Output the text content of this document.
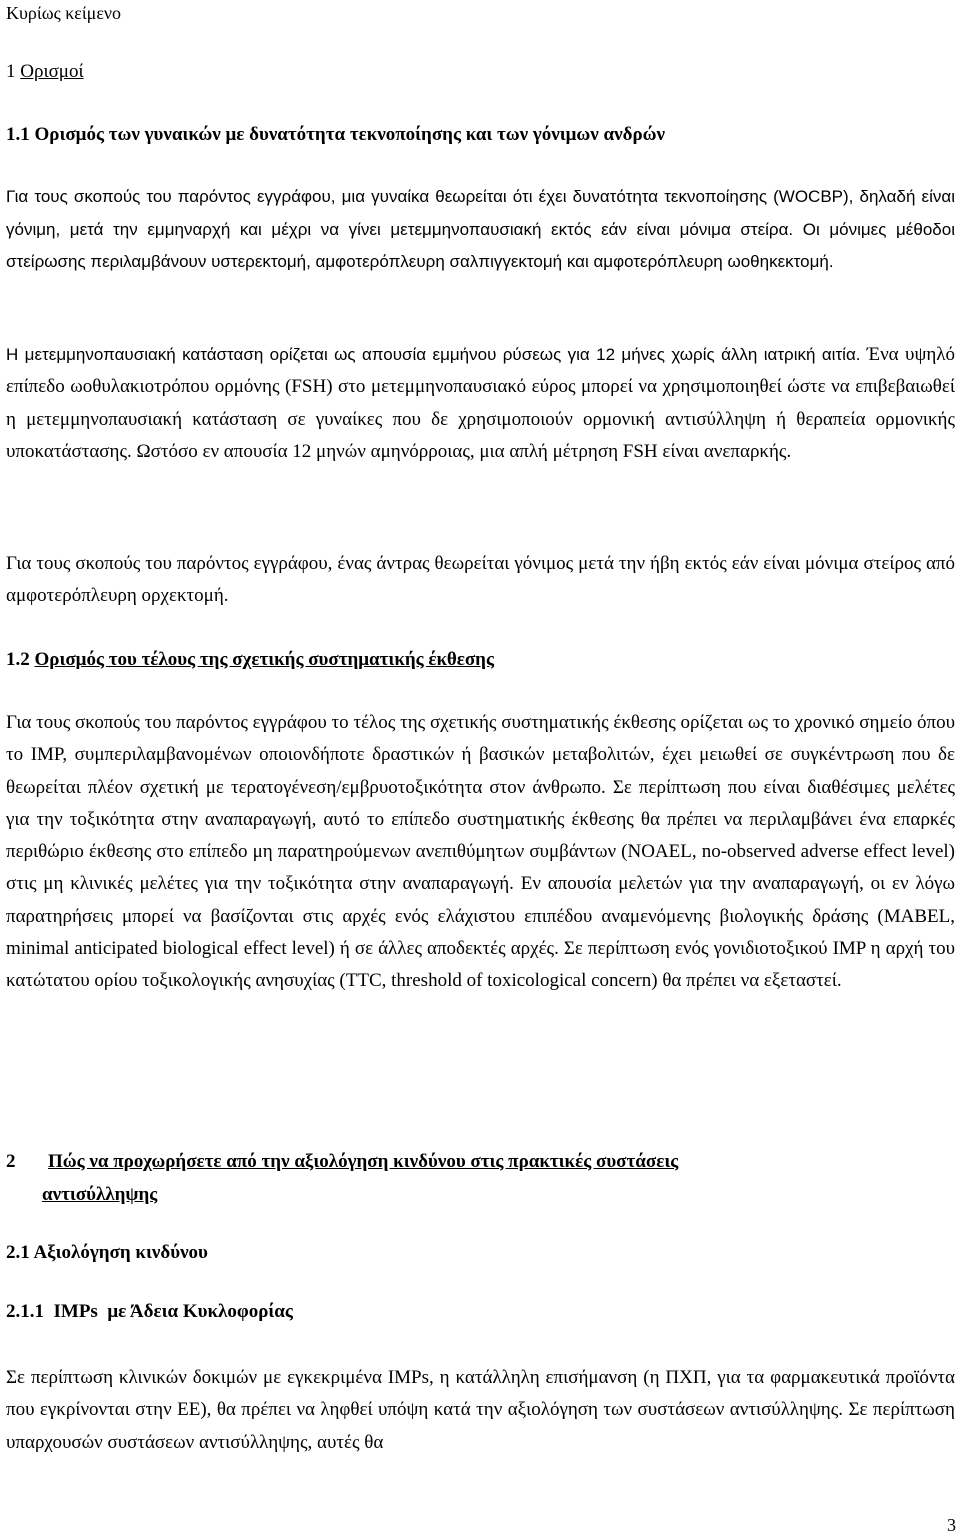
Κυρίως κείμενο
1 Ορισμοί
1.1 Ορισμός των γυναικών με δυνατότητα τεκνοποίησης και των γόνιμων ανδρών

Για τους σκοπούς του παρόντος εγγράφου, μια γυναίκα θεωρείται ότι έχει δυνατότητα τεκνοποίησης (WOCBP), δηλαδή είναι γόνιμη, μετά την εμμηναρχή και μέχρι να γίνει μετεμμηνοπαυσιακή εκτός εάν είναι μόνιμα στείρα. Οι μόνιμες μέθοδοι στείρωσης περιλαμβάνουν υστερεκτομή, αμφοτερόπλευρη σαλπιγγεκτομή και αμφοτερόπλευρη ωοθηκεκτομή.

Η μετεμμηνοπαυσιακή κατάσταση ορίζεται ως απουσία εμμήνου ρύσεως για 12 μήνες χωρίς άλλη ιατρική αιτία. Ένα υψηλό επίπεδο ωοθυλακιοτρόπου ορμόνης (FSH) στο μετεμμηνοπαυσιακό εύρος μπορεί να χρησιμοποιηθεί ώστε να επιβεβαιωθεί η μετεμμηνοπαυσιακή κατάσταση σε γυναίκες που δε χρησιμοποιούν ορμονική αντισύλληψη ή θεραπεία ορμονικής υποκατάστασης. Ωστόσο εν απουσία 12 μηνών αμηνόρροιας, μια απλή μέτρηση FSH είναι ανεπαρκής.

Για τους σκοπούς του παρόντος εγγράφου, ένας άντρας θεωρείται γόνιμος μετά την ήβη εκτός εάν είναι μόνιμα στείρος από αμφοτερόπλευρη ορχεκτομή.

1.2 Ορισμός του τέλους της σχετικής συστηματικής έκθεσης

Για τους σκοπούς του παρόντος εγγράφου το τέλος της σχετικής συστηματικής έκθεσης ορίζεται ως το χρονικό σημείο όπου το IMP, συμπεριλαμβανομένων οποιονδήποτε δραστικών ή βασικών μεταβολιτών, έχει μειωθεί σε συγκέντρωση που δε θεωρείται πλέον σχετική με τερατογένεση/εμβρυοτοξικότητα στον άνθρωπο. Σε περίπτωση που είναι διαθέσιμες μελέτες για την τοξικότητα στην αναπαραγωγή, αυτό το επίπεδο συστηματικής έκθεσης θα πρέπει να περιλαμβάνει ένα επαρκές περιθώριο έκθεσης στο επίπεδο μη παρατηρούμενων ανεπιθύμητων συμβάντων (NOAEL, no-observed adverse effect level) στις μη κλινικές μελέτες για την τοξικότητα στην αναπαραγωγή. Εν απουσία μελετών για την αναπαραγωγή, οι εν λόγω παρατηρήσεις μπορεί να βασίζονται στις αρχές ενός ελάχιστου επιπέδου αναμενόμενης βιολογικής δράσης (MABEL, minimal anticipated biological effect level) ή σε άλλες αποδεκτές αρχές. Σε περίπτωση ενός γονιδιοτοξικού IMP η αρχή του κατώτατου ορίου τοξικολογικής ανησυχίας (TTC, threshold of toxicological concern) θα πρέπει να εξεταστεί.

2	Πώς να προχωρήσετε από την αξιολόγηση κινδύνου στις πρακτικές συστάσεις
αντισύλληψης
2.1 Αξιολόγηση κινδύνου
2.1.1  IMPs  με Άδεια Κυκλοφορίας

Σε περίπτωση κλινικών δοκιμών με εγκεκριμένα IMPs, η κατάλληλη επισήμανση (η ΠΧΠ, για τα φαρμακευτικά προϊόντα που εγκρίνονται στην ΕΕ), θα πρέπει να ληφθεί υπόψη κατά την αξιολόγηση των συστάσεων αντισύλληψης. Σε περίπτωση υπαρχουσών συστάσεων αντισύλληψης, αυτές θα

3
